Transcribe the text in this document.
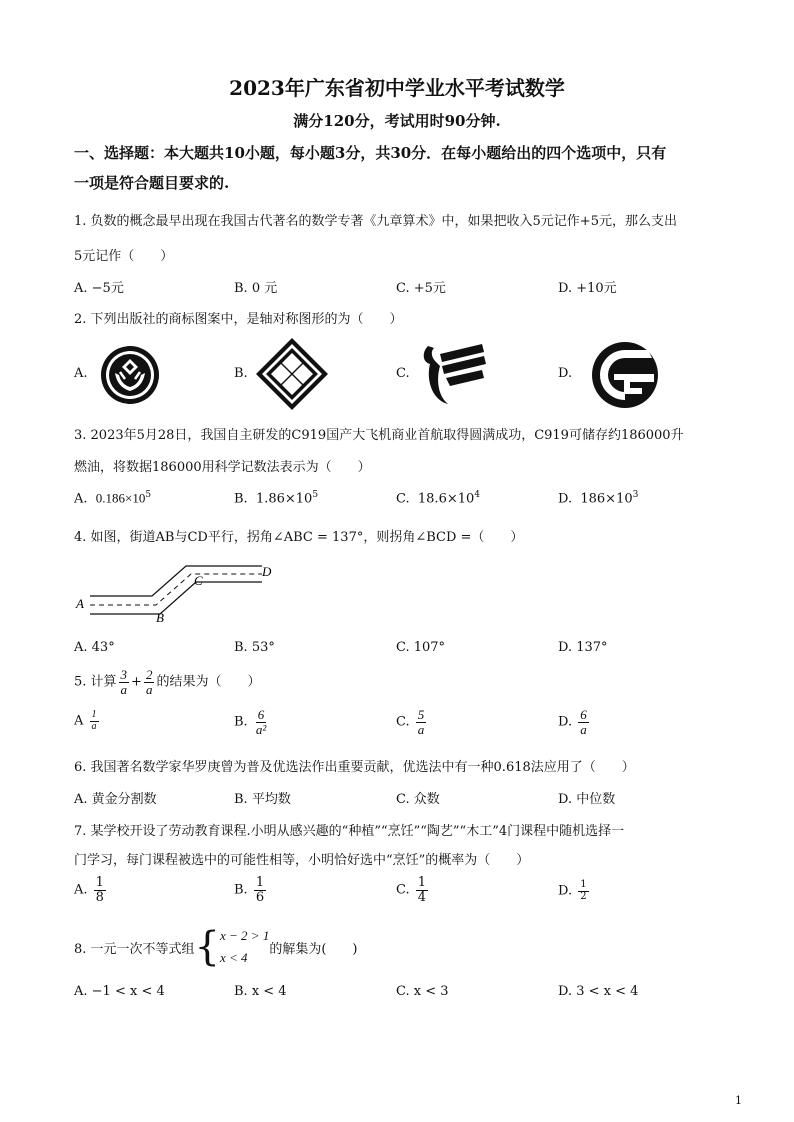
2023年广东省初中学业水平考试数学
满分120分，考试用时90分钟.
一、选择题：本大题共10小题，每小题3分，共30分．在每小题给出的四个选项中，只有
一项是符合题目要求的.
1. 负数的概念最早出现在我国古代著名的数学专著《九章算术》中，如果把收入5元记作+5元，那么支出
5元记作（　　）
A. −5元	B. 0 元	C. +5元	D. +10元
2. 下列出版社的商标图案中，是轴对称图形的为（　　）
A.	B.	C.	D.
3. 2023年5月28日，我国自主研发的C919国产大飞机商业首航取得圆满成功，C919可储存约186000升
燃油，将数据186000用科学记数法表示为（　　）
A. $0.186\times 10^5$	B. $1.86\times 10^5$	C. $18.6\times 10^4$	D. $186\times 10^3$
4. 如图，街道AB与CD平行，拐角∠ABC = 137°，则拐角∠BCD =（　　）
A
B
C
D
A. 43°	B. 53°	C. 107°	D. 137°
5. 计算 $\frac{3}{a} + \frac{2}{a}$ 的结果为（　　）
A $\frac{1}{a}$	B. $\frac{6}{\text{a²}}$	C. $\frac{5}{a}$	D. $\frac{6}{a}$
6. 我国著名数学家华罗庚曾为普及优选法作出重要贡献，优选法中有一种0.618法应用了（　　）
A. 黄金分割数	B. 平均数	C. 众数	D. 中位数
7. 某学校开设了劳动教育课程.小明从感兴趣的“种植”“烹饪”“陶艺”“木工”4门课程中随机选择一
门学习，每门课程被选中的可能性相等，小明恰好选中“烹饪”的概率为（　　）
A. $\frac{1}{8}$	B. $\frac{1}{6}$	C. $\frac{1}{4}$	D. $\frac{1}{2}$
8. 一元一次不等式组 { x − 2 > 1
x < 4
的解集为(　　)
A. −1 < x < 4	B. x < 4	C. x < 3	D. 3 < x < 4
1
